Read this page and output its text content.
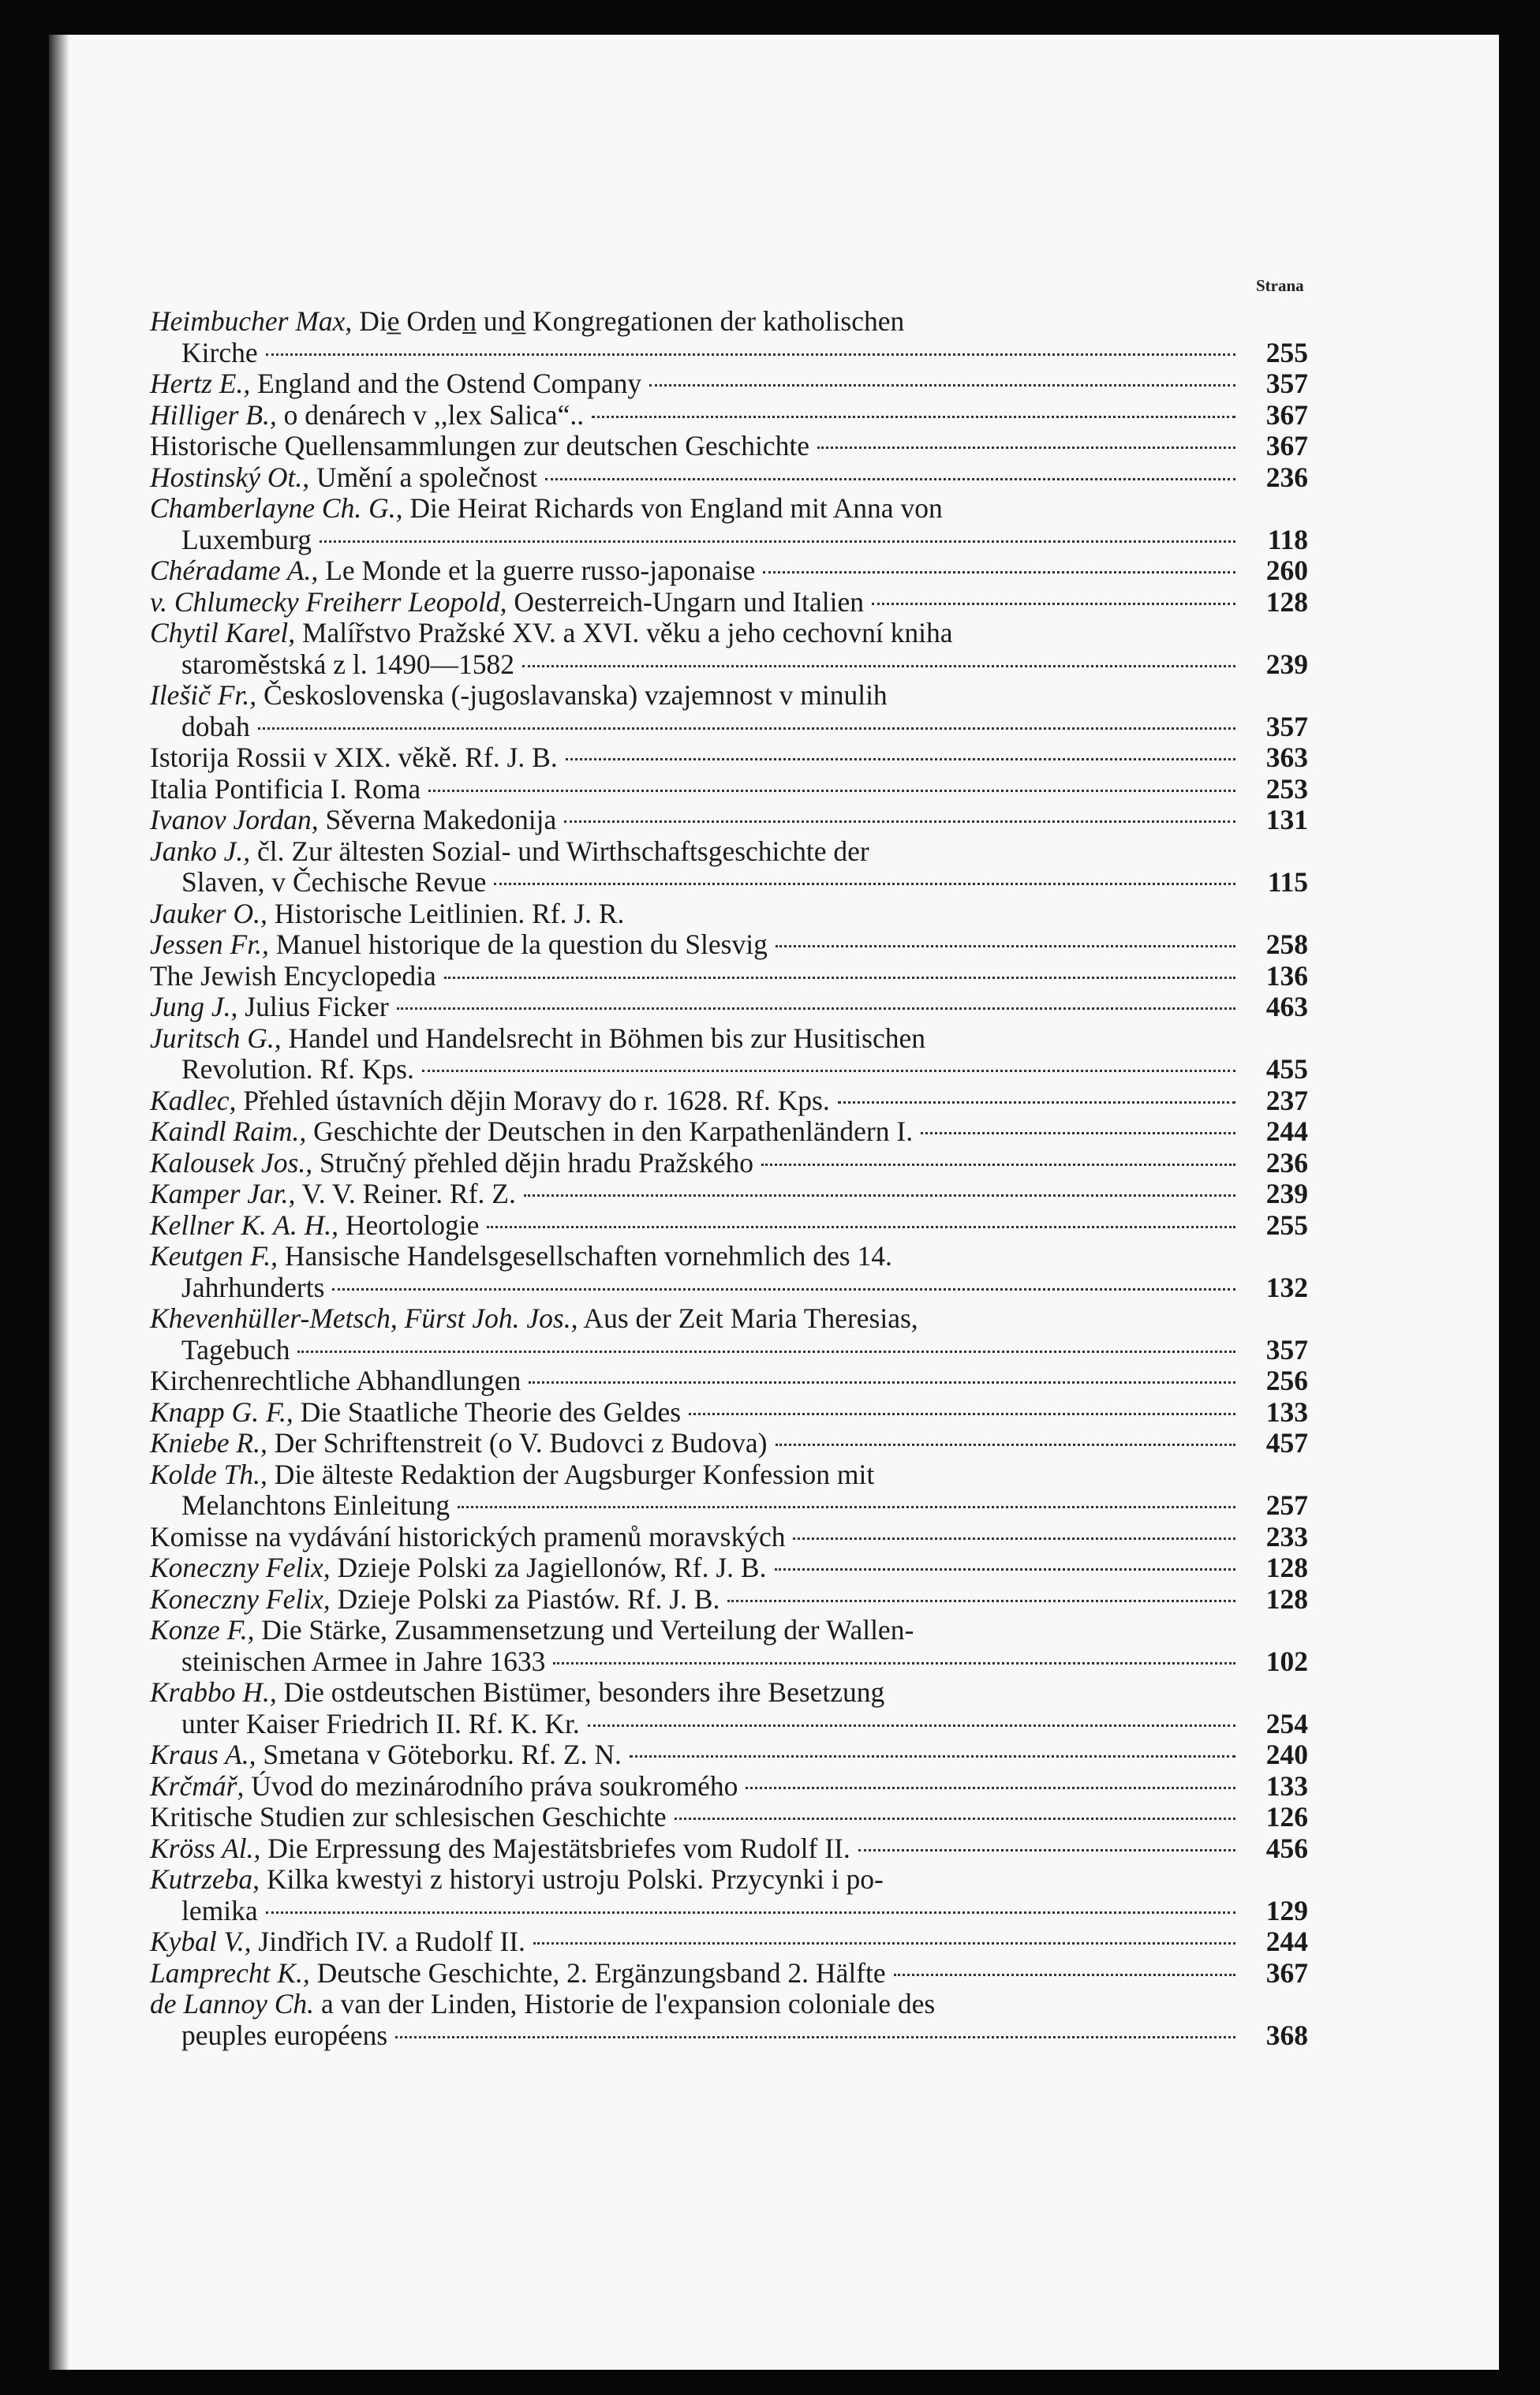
Strana
Heimbucher Max, Die̲ Orden̲ und̲ Kongregationen der katholischen
Kirche	255
Hertz E., England and the Ostend Company	357
Hilliger B., o denárech v ,,lex Salica“..	367
Historische Quellensammlungen zur deutschen Geschichte	367
Hostinský Ot., Umění a společnost	236
Chamberlayne Ch. G., Die Heirat Richards von England mit Anna von
Luxemburg	118
Chéradame A., Le Monde et la guerre russo-japonaise	260
v. Chlumecky Freiherr Leopold, Oesterreich-Ungarn und Italien	128
Chytil Karel, Malířstvo Pražské XV. a XVI. věku a jeho cechovní kniha
staroměstská z l. 1490—1582	239
Ilešič Fr., Československa (-jugoslavanska) vzajemnost v minulih
dobah	357
Istorija Rossii v XIX. věkě. Rf. J. B.	363
Italia Pontificia I. Roma	253
Ivanov Jordan, Sěverna Makedonija	131
Janko J., čl. Zur ältesten Sozial- und Wirthschaftsgeschichte der
Slaven, v Čechische Revue	115
Jauker O., Historische Leitlinien. Rf. J. R.
Jessen Fr., Manuel historique de la question du Slesvig	258
The Jewish Encyclopedia	136
Jung J., Julius Ficker	463
Juritsch G., Handel und Handelsrecht in Böhmen bis zur Husitischen
Revolution. Rf. Kps.	455
Kadlec, Přehled ústavních dějin Moravy do r. 1628. Rf. Kps.	237
Kaindl Raim., Geschichte der Deutschen in den Karpathenländern I.	244
Kalousek Jos., Stručný přehled dějin hradu Pražského	236
Kamper Jar., V. V. Reiner. Rf. Z.	239
Kellner K. A. H., Heortologie	255
Keutgen F., Hansische Handelsgesellschaften vornehmlich des 14.
Jahrhunderts	132
Khevenhüller-Metsch, Fürst Joh. Jos., Aus der Zeit Maria Theresias,
Tagebuch	357
Kirchenrechtliche Abhandlungen	256
Knapp G. F., Die Staatliche Theorie des Geldes	133
Kniebe R., Der Schriftenstreit (o V. Budovci z Budova)	457
Kolde Th., Die älteste Redaktion der Augsburger Konfession mit
Melanchtons Einleitung	257
Komisse na vydávání historických pramenů moravských	233
Koneczny Felix, Dzieje Polski za Jagiellonów, Rf. J. B.	128
Koneczny Felix, Dzieje Polski za Piastów. Rf. J. B.	128
Konze F., Die Stärke, Zusammensetzung und Verteilung der Wallen-
steinischen Armee in Jahre 1633	102
Krabbo H., Die ostdeutschen Bistümer, besonders ihre Besetzung
unter Kaiser Friedrich II. Rf. K. Kr.	254
Kraus A., Smetana v Göteborku. Rf. Z. N.	240
Krčmář, Úvod do mezinárodního práva soukromého	133
Kritische Studien zur schlesischen Geschichte	126
Kröss Al., Die Erpressung des Majestätsbriefes vom Rudolf II.	456
Kutrzeba, Kilka kwestyi z historyi ustroju Polski. Przycynki i po-
lemika	129
Kybal V., Jindřich IV. a Rudolf II.	244
Lamprecht K., Deutsche Geschichte, 2. Ergänzungsband 2. Hälfte	367
de Lannoy Ch. a van der Linden, Historie de l'expansion coloniale des
peuples européens	368
